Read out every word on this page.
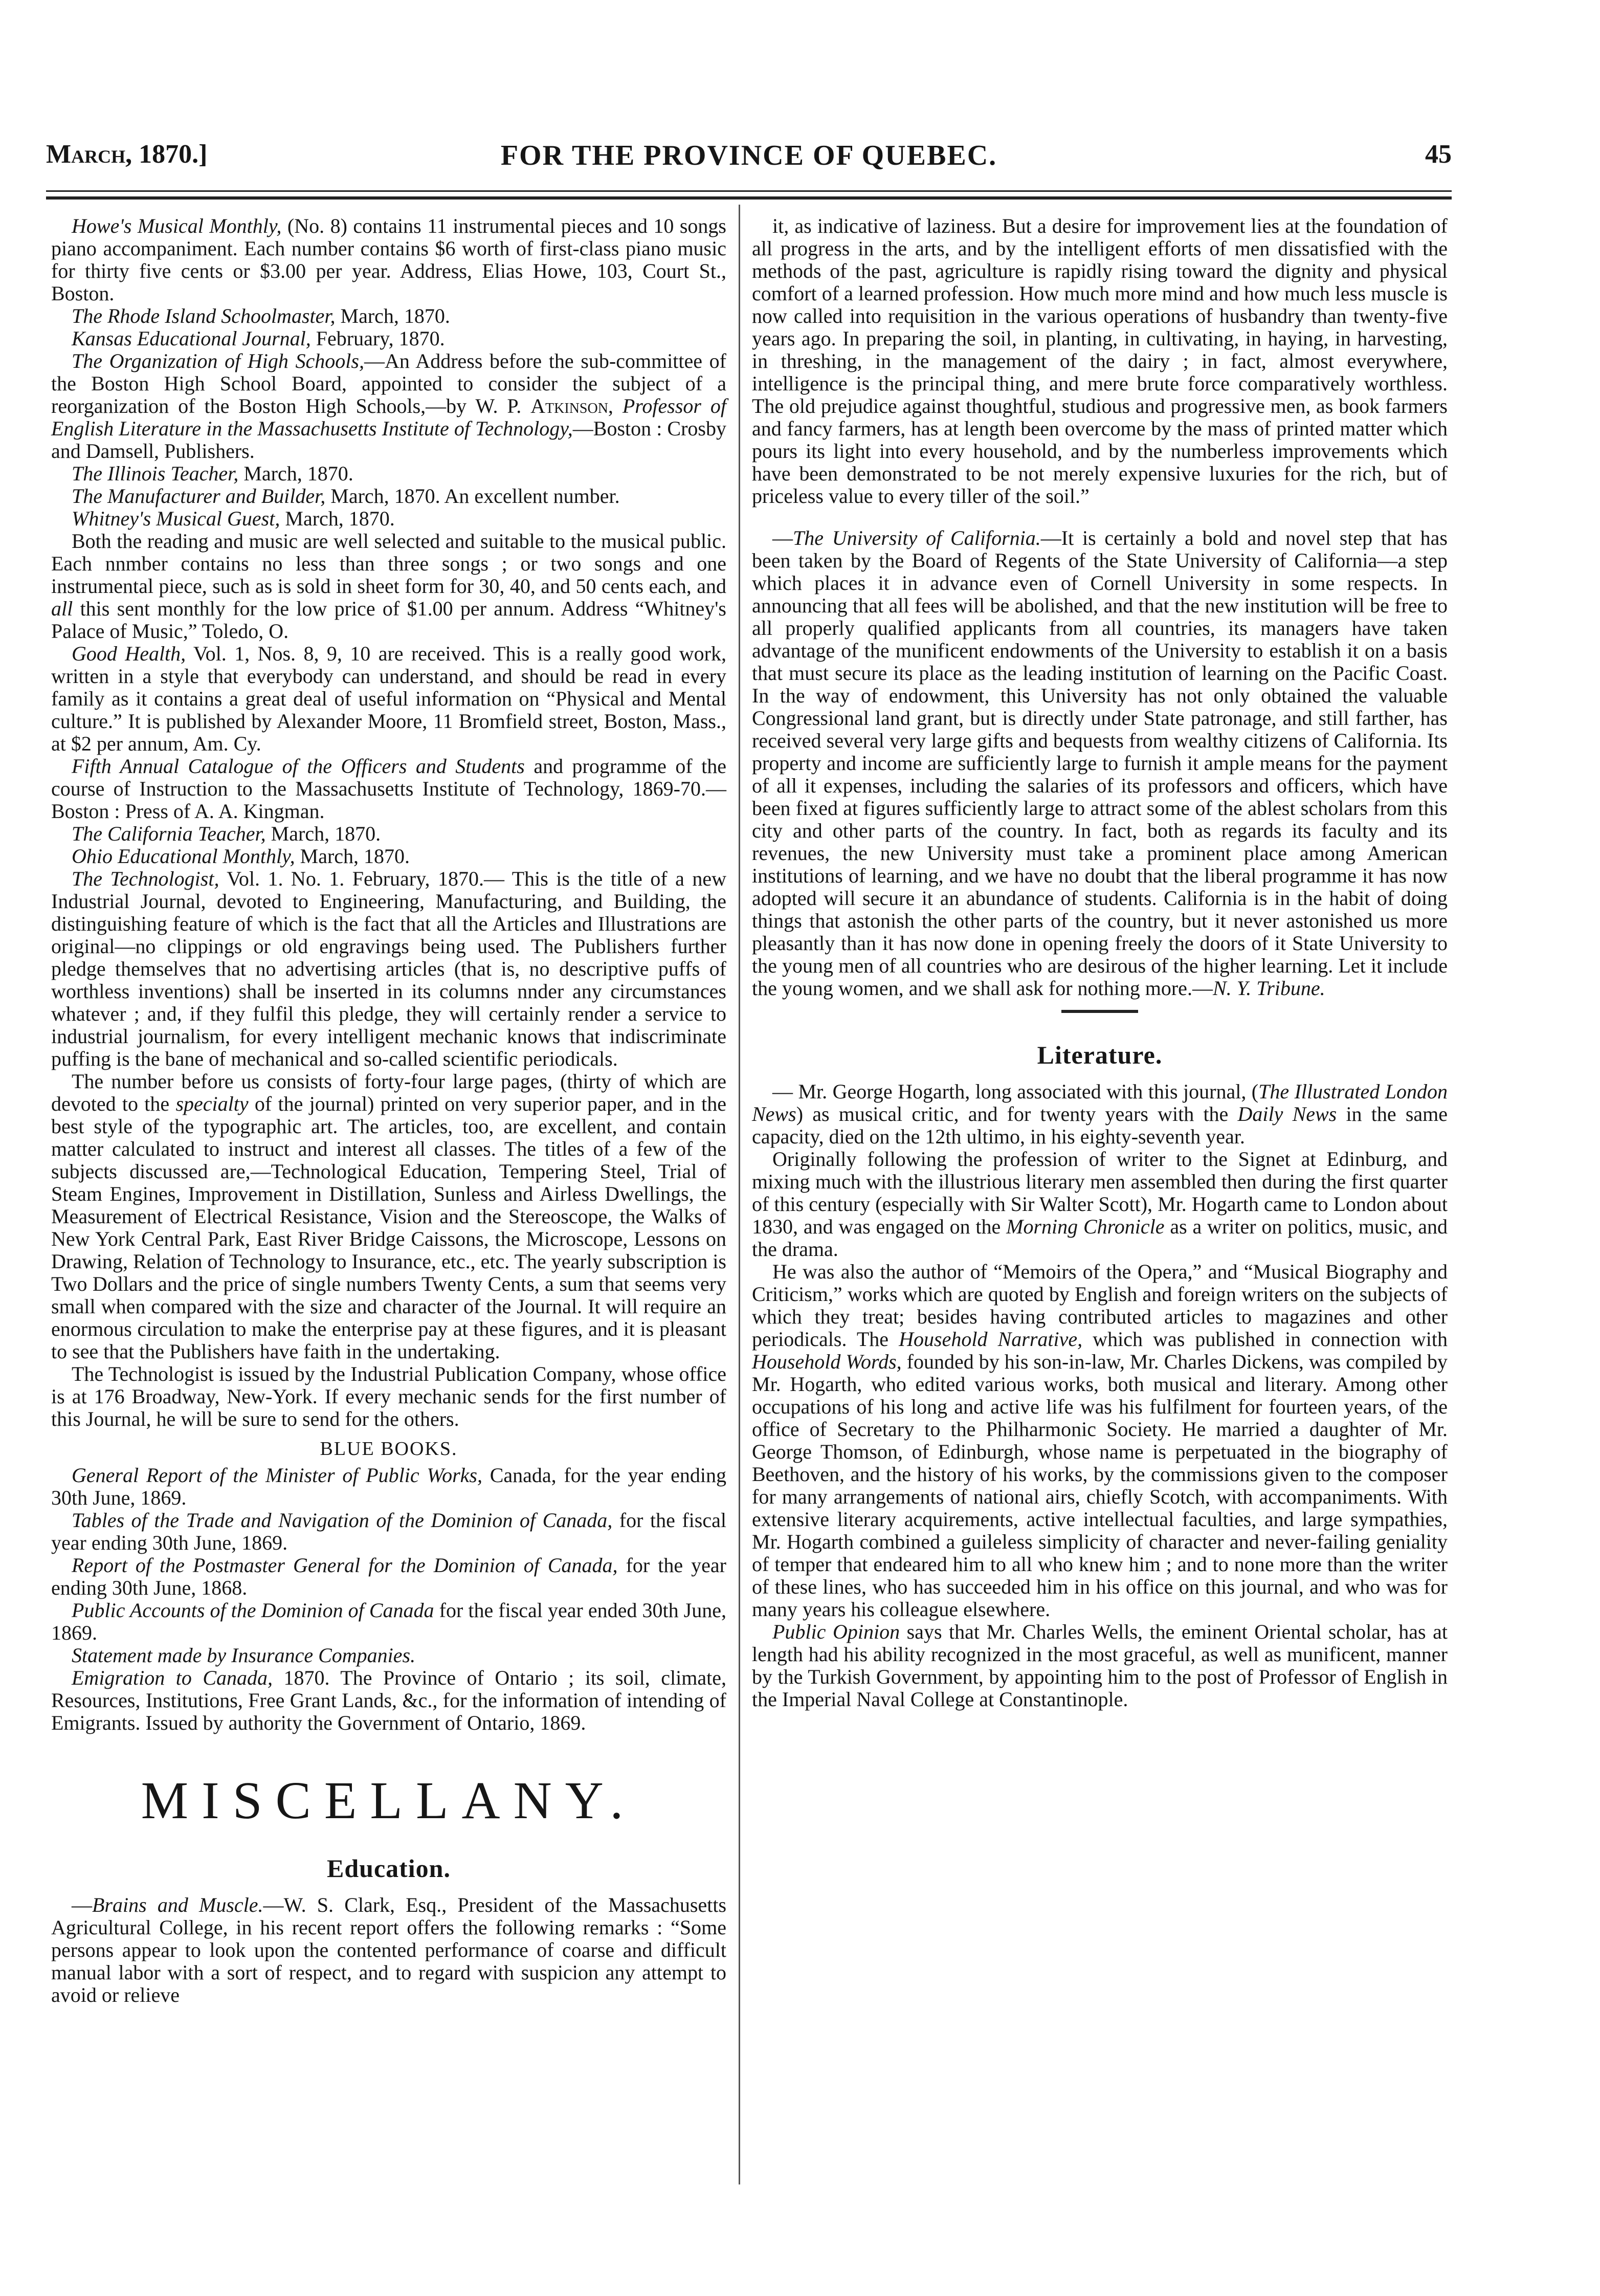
March, 1870.]	FOR THE PROVINCE OF QUEBEC.	45

Howe's Musical Monthly, (No. 8) contains 11 instrumental pieces and 10 songs piano accompaniment. Each number contains $6 worth of first-class piano music for thirty five cents or $3.00 per year. Address, Elias Howe, 103, Court St., Boston.

The Rhode Island Schoolmaster, March, 1870.

Kansas Educational Journal, February, 1870.

The Organization of High Schools,—An Address before the sub-committee of the Boston High School Board, appointed to consider the subject of a reorganization of the Boston High Schools,—by W. P. Atkinson, Professor of English Literature in the Massachusetts Institute of Technology,—Boston : Crosby and Damsell, Publishers.

The Illinois Teacher, March, 1870.

The Manufacturer and Builder, March, 1870. An excellent number.

Whitney's Musical Guest, March, 1870.

Both the reading and music are well selected and suitable to the musical public. Each nnmber contains no less than three songs ; or two songs and one instrumental piece, such as is sold in sheet form for 30, 40, and 50 cents each, and all this sent monthly for the low price of $1.00 per annum. Address “Whitney's Palace of Music,” Toledo, O.

Good Health, Vol. 1, Nos. 8, 9, 10 are received. This is a really good work, written in a style that everybody can understand, and should be read in every family as it contains a great deal of useful information on “Physical and Mental culture.” It is published by Alexander Moore, 11 Bromfield street, Boston, Mass., at $2 per annum, Am. Cy.

Fifth Annual Catalogue of the Officers and Students and programme of the course of Instruction to the Massachusetts Institute of Technology, 1869-70.—Boston : Press of A. A. Kingman.

The California Teacher, March, 1870.

Ohio Educational Monthly, March, 1870.

The Technologist, Vol. 1. No. 1. February, 1870.— This is the title of a new Industrial Journal, devoted to Engineering, Manufacturing, and Building, the distinguishing feature of which is the fact that all the Articles and Illustrations are original—no clippings or old engravings being used. The Publishers further pledge themselves that no advertising articles (that is, no descriptive puffs of worthless inventions) shall be inserted in its columns nnder any circumstances whatever ; and, if they fulfil this pledge, they will certainly render a service to industrial journalism, for every intelligent mechanic knows that indiscriminate puffing is the bane of mechanical and so-called scientific periodicals.

The number before us consists of forty-four large pages, (thirty of which are devoted to the specialty of the journal) printed on very superior paper, and in the best style of the typographic art. The articles, too, are excellent, and contain matter calculated to instruct and interest all classes. The titles of a few of the subjects discussed are,—Technological Education, Tempering Steel, Trial of Steam Engines, Improvement in Distillation, Sunless and Airless Dwellings, the Measurement of Electrical Resistance, Vision and the Stereoscope, the Walks of New York Central Park, East River Bridge Caissons, the Microscope, Lessons on Drawing, Relation of Technology to Insurance, etc., etc. The yearly subscription is Two Dollars and the price of single numbers Twenty Cents, a sum that seems very small when compared with the size and character of the Journal. It will require an enormous circulation to make the enterprise pay at these figures, and it is pleasant to see that the Publishers have faith in the undertaking.

The Technologist is issued by the Industrial Publication Company, whose office is at 176 Broadway, New-York. If every mechanic sends for the first number of this Journal, he will be sure to send for the others.

BLUE BOOKS.

General Report of the Minister of Public Works, Canada, for the year ending 30th June, 1869.

Tables of the Trade and Navigation of the Dominion of Canada, for the fiscal year ending 30th June, 1869.

Report of the Postmaster General for the Dominion of Canada, for the year ending 30th June, 1868.

Public Accounts of the Dominion of Canada for the fiscal year ended 30th June, 1869.

Statement made by Insurance Companies.

Emigration to Canada, 1870. The Province of Ontario ; its soil, climate, Resources, Institutions, Free Grant Lands, &c., for the information of intending of Emigrants. Issued by authority the Government of Ontario, 1869.

MISCELLANY.

Education.

—Brains and Muscle.—W. S. Clark, Esq., President of the Massachusetts Agricultural College, in his recent report offers the following remarks : “Some persons appear to look upon the contented performance of coarse and difficult manual labor with a sort of respect, and to regard with suspicion any attempt to avoid or relieve

it, as indicative of laziness. But a desire for improvement lies at the foundation of all progress in the arts, and by the intelligent efforts of men dissatisfied with the methods of the past, agriculture is rapidly rising toward the dignity and physical comfort of a learned profession. How much more mind and how much less muscle is now called into requisition in the various operations of husbandry than twenty-five years ago. In preparing the soil, in planting, in cultivating, in haying, in harvesting, in threshing, in the management of the dairy ; in fact, almost everywhere, intelligence is the principal thing, and mere brute force comparatively worthless. The old prejudice against thoughtful, studious and progressive men, as book farmers and fancy farmers, has at length been overcome by the mass of printed matter which pours its light into every household, and by the numberless improvements which have been demonstrated to be not merely expensive luxuries for the rich, but of priceless value to every tiller of the soil.”

—The University of California.—It is certainly a bold and novel step that has been taken by the Board of Regents of the State University of California—a step which places it in advance even of Cornell University in some respects. In announcing that all fees will be abolished, and that the new institution will be free to all properly qualified applicants from all countries, its managers have taken advantage of the munificent endowments of the University to establish it on a basis that must secure its place as the leading institution of learning on the Pacific Coast. In the way of endowment, this University has not only obtained the valuable Congressional land grant, but is directly under State patronage, and still farther, has received several very large gifts and bequests from wealthy citizens of California. Its property and income are sufficiently large to furnish it ample means for the payment of all it expenses, including the salaries of its professors and officers, which have been fixed at figures sufficiently large to attract some of the ablest scholars from this city and other parts of the country. In fact, both as regards its faculty and its revenues, the new University must take a prominent place among American institutions of learning, and we have no doubt that the liberal programme it has now adopted will secure it an abundance of students. California is in the habit of doing things that astonish the other parts of the country, but it never astonished us more pleasantly than it has now done in opening freely the doors of it State University to the young men of all countries who are desirous of the higher learning. Let it include the young women, and we shall ask for nothing more.—N. Y. Tribune.

Literature.

— Mr. George Hogarth, long associated with this journal, (The Illustrated London News) as musical critic, and for twenty years with the Daily News in the same capacity, died on the 12th ultimo, in his eighty-seventh year.

Originally following the profession of writer to the Signet at Edinburg, and mixing much with the illustrious literary men assembled then during the first quarter of this century (especially with Sir Walter Scott), Mr. Hogarth came to London about 1830, and was engaged on the Morning Chronicle as a writer on politics, music, and the drama.

He was also the author of “Memoirs of the Opera,” and “Musical Biography and Criticism,” works which are quoted by English and foreign writers on the subjects of which they treat; besides having contributed articles to magazines and other periodicals. The Household Narrative, which was published in connection with Household Words, founded by his son-in-law, Mr. Charles Dickens, was compiled by Mr. Hogarth, who edited various works, both musical and literary. Among other occupations of his long and active life was his fulfilment for fourteen years, of the office of Secretary to the Philharmonic Society. He married a daughter of Mr. George Thomson, of Edinburgh, whose name is perpetuated in the biography of Beethoven, and the history of his works, by the commissions given to the composer for many arrangements of national airs, chiefly Scotch, with accompaniments. With extensive literary acquirements, active intellectual faculties, and large sympathies, Mr. Hogarth combined a guileless simplicity of character and never-failing geniality of temper that endeared him to all who knew him ; and to none more than the writer of these lines, who has succeeded him in his office on this journal, and who was for many years his colleague elsewhere.

Public Opinion says that Mr. Charles Wells, the eminent Oriental scholar, has at length had his ability recognized in the most graceful, as well as munificent, manner by the Turkish Government, by appointing him to the post of Professor of English in the Imperial Naval College at Constantinople.
